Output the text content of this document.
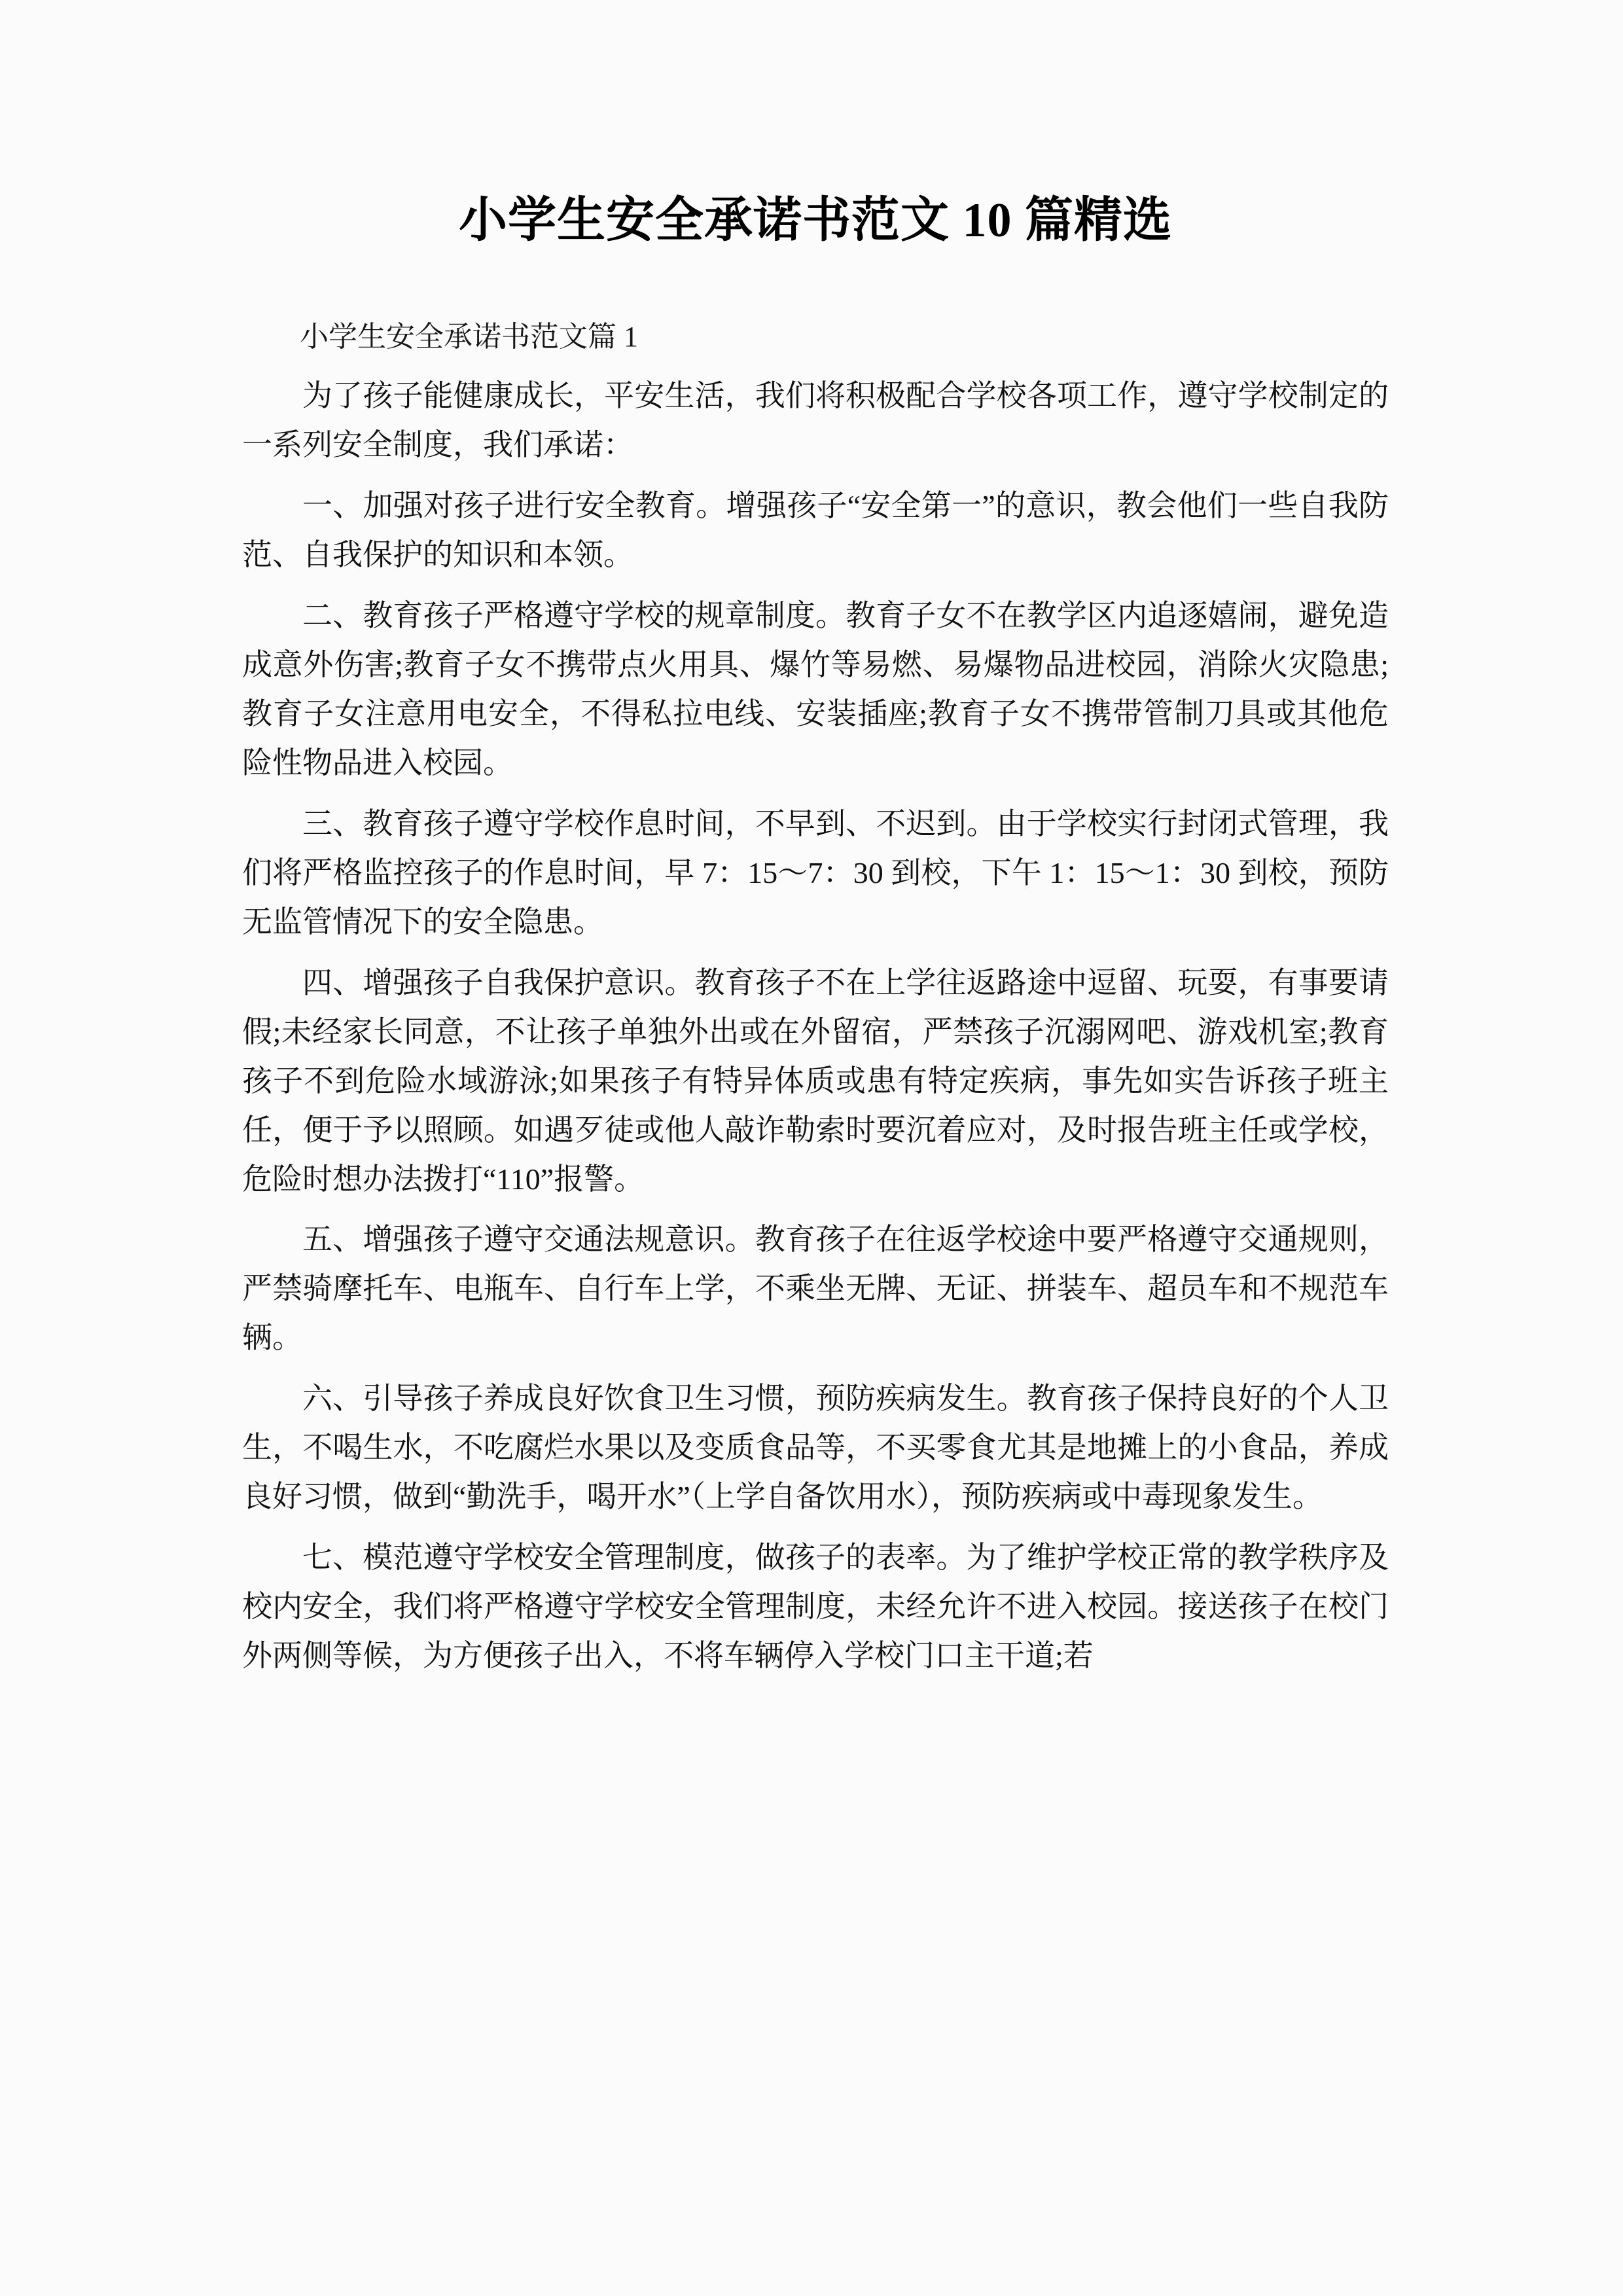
小学生安全承诺书范文 10 篇精选

小学生安全承诺书范文篇 1

为了孩子能健康成长，平安生活，我们将积极配合学校各项工作，遵守学校制定的一系列安全制度，我们承诺：

一、加强对孩子进行安全教育。增强孩子“安全第一”的意识，教会他们一些自我防范、自我保护的知识和本领。

二、教育孩子严格遵守学校的规章制度。教育子女不在教学区内追逐嬉闹，避免造成意外伤害;教育子女不携带点火用具、爆竹等易燃、易爆物品进校园，消除火灾隐患;教育子女注意用电安全，不得私拉电线、安装插座;教育子女不携带管制刀具或其他危险性物品进入校园。

三、教育孩子遵守学校作息时间，不早到、不迟到。由于学校实行封闭式管理，我们将严格监控孩子的作息时间，早 7：15～7：30 到校，下午 1：15～1：30 到校，预防无监管情况下的安全隐患。

四、增强孩子自我保护意识。教育孩子不在上学往返路途中逗留、玩耍，有事要请假;未经家长同意，不让孩子单独外出或在外留宿，严禁孩子沉溺网吧、游戏机室;教育孩子不到危险水域游泳;如果孩子有特异体质或患有特定疾病，事先如实告诉孩子班主任，便于予以照顾。如遇歹徒或他人敲诈勒索时要沉着应对，及时报告班主任或学校，危险时想办法拨打“110”报警。

五、增强孩子遵守交通法规意识。教育孩子在往返学校途中要严格遵守交通规则，严禁骑摩托车、电瓶车、自行车上学，不乘坐无牌、无证、拼装车、超员车和不规范车辆。

六、引导孩子养成良好饮食卫生习惯，预防疾病发生。教育孩子保持良好的个人卫生，不喝生水，不吃腐烂水果以及变质食品等，不买零食尤其是地摊上的小食品，养成良好习惯，做到“勤洗手，喝开水”（上学自备饮用水），预防疾病或中毒现象发生。

七、模范遵守学校安全管理制度，做孩子的表率。为了维护学校正常的教学秩序及校内安全，我们将严格遵守学校安全管理制度，未经允许不进入校园。接送孩子在校门外两侧等候，为方便孩子出入，不将车辆停入学校门口主干道;若
